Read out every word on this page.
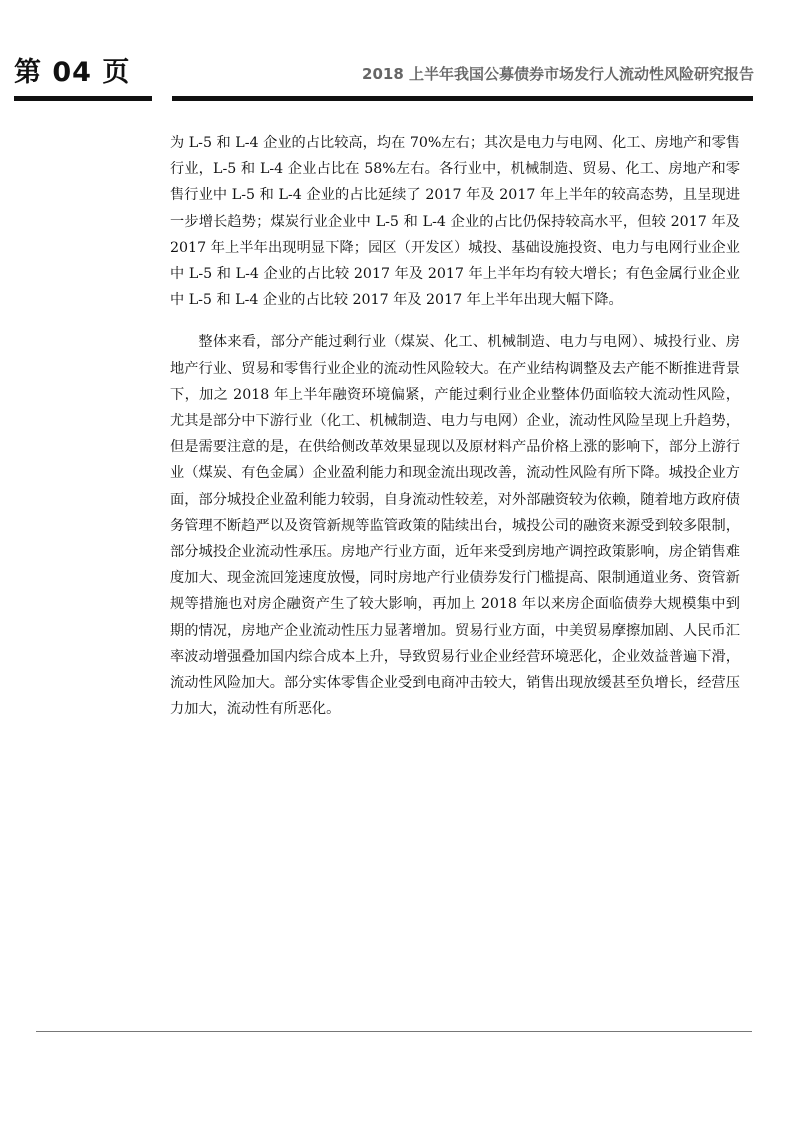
第 04 页	2018 上半年我国公募债券市场发行人流动性风险研究报告

为 L-5 和 L-4 企业的占比较高，均在 70%左右；其次是电力与电网、化工、房地产和零售行业，L-5 和 L-4 企业占比在 58%左右。各行业中，机械制造、贸易、化工、房地产和零售行业中 L-5 和 L-4 企业的占比延续了 2017 年及 2017 年上半年的较高态势，且呈现进一步增长趋势；煤炭行业企业中 L-5 和 L-4 企业的占比仍保持较高水平，但较 2017 年及 2017 年上半年出现明显下降；园区（开发区）城投、基础设施投资、电力与电网行业企业中 L-5 和 L-4 企业的占比较 2017 年及 2017 年上半年均有较大增长；有色金属行业企业中 L-5 和 L-4 企业的占比较 2017 年及 2017 年上半年出现大幅下降。

整体来看，部分产能过剩行业（煤炭、化工、机械制造、电力与电网）、城投行业、房地产行业、贸易和零售行业企业的流动性风险较大。在产业结构调整及去产能不断推进背景下，加之 2018 年上半年融资环境偏紧，产能过剩行业企业整体仍面临较大流动性风险，尤其是部分中下游行业（化工、机械制造、电力与电网）企业，流动性风险呈现上升趋势，但是需要注意的是，在供给侧改革效果显现以及原材料产品价格上涨的影响下，部分上游行业（煤炭、有色金属）企业盈利能力和现金流出现改善，流动性风险有所下降。城投企业方面，部分城投企业盈利能力较弱，自身流动性较差，对外部融资较为依赖，随着地方政府债务管理不断趋严以及资管新规等监管政策的陆续出台，城投公司的融资来源受到较多限制，部分城投企业流动性承压。房地产行业方面，近年来受到房地产调控政策影响，房企销售难度加大、现金流回笼速度放慢，同时房地产行业债券发行门槛提高、限制通道业务、资管新规等措施也对房企融资产生了较大影响，再加上 2018 年以来房企面临债券大规模集中到期的情况，房地产企业流动性压力显著增加。贸易行业方面，中美贸易摩擦加剧、人民币汇率波动增强叠加国内综合成本上升，导致贸易行业企业经营环境恶化，企业效益普遍下滑，流动性风险加大。部分实体零售企业受到电商冲击较大，销售出现放缓甚至负增长，经营压力加大，流动性有所恶化。
